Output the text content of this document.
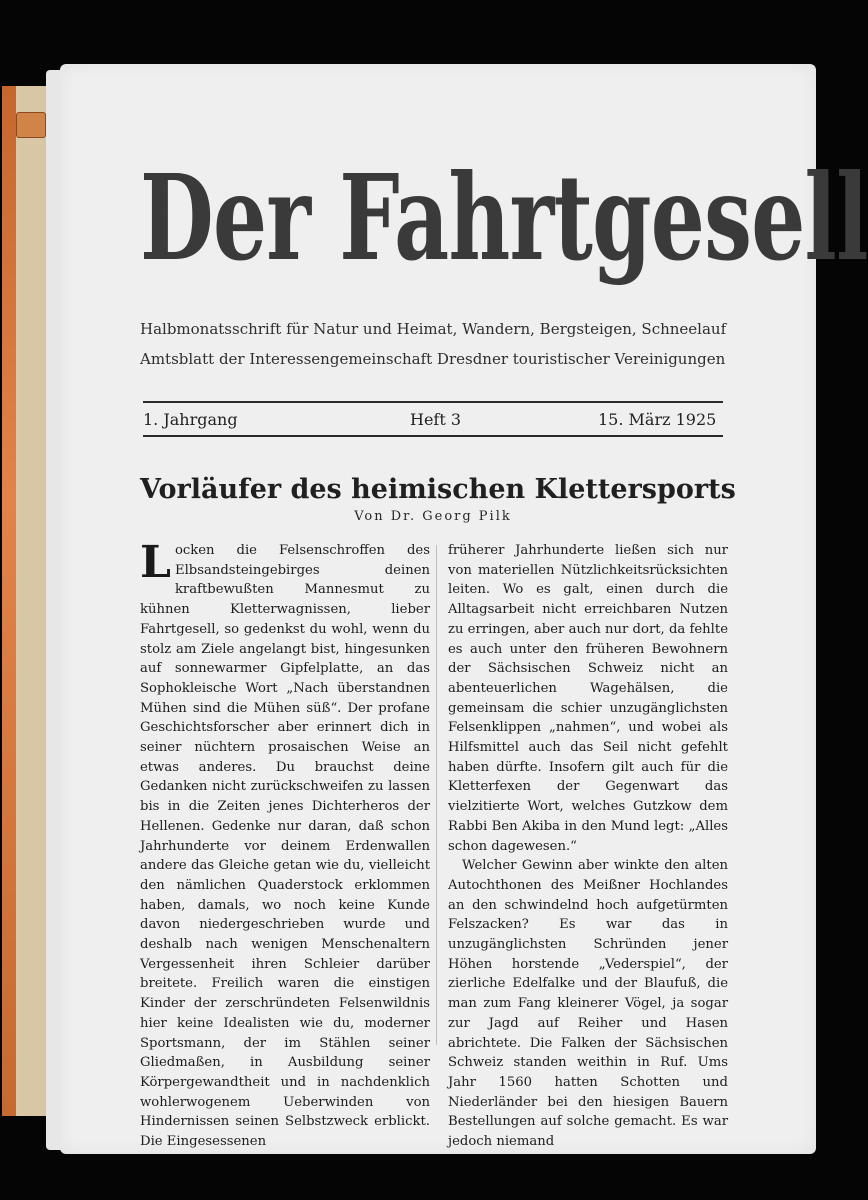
Der Fahrtgesell
Halbmonatsschrift für Natur und Heimat, Wandern, Bergsteigen, Schneelauf
Amtsblatt der Interessengemeinschaft Dresdner touristischer Vereinigungen
1. Jahrgang	Heft 3	15. März 1925
Vorläufer des heimischen Klettersports
Von Dr. Georg Pilk
L ocken die Felsenschroffen des Elbsandsteingebirges deinen kraftbewußten Mannesmut zu kühnen Kletterwagnissen, lieber Fahrtgesell, so gedenkst du wohl, wenn du stolz am Ziele angelangt bist, hingesunken auf sonnewarmer Gipfelplatte, an das Sophokleische Wort „Nach überstandnen Mühen sind die Mühen süß“. Der profane Geschichtsforscher aber erinnert dich in seiner nüchtern prosaischen Weise an etwas anderes. Du brauchst deine Gedanken nicht zurückschweifen zu lassen bis in die Zeiten jenes Dichterheros der Hellenen. Gedenke nur daran, daß schon Jahrhunderte vor deinem Erdenwallen andere das Gleiche getan wie du, vielleicht den nämlichen Quaderstock erklommen haben, damals, wo noch keine Kunde davon niedergeschrieben wurde und deshalb nach wenigen Menschenaltern Vergessenheit ihren Schleier darüber breitete. Freilich waren die einstigen Kinder der zerschründeten Felsenwildnis hier keine Idealisten wie du, moderner Sportsmann, der im Stählen seiner Gliedmaßen, in Ausbildung seiner Körpergewandtheit und in nachdenklich wohlerwogenem Ueberwinden von Hindernissen seinen Selbstzweck erblickt. Die Eingesessenen

früherer Jahrhunderte ließen sich nur von materiellen Nützlichkeitsrücksichten leiten. Wo es galt, einen durch die Alltagsarbeit nicht erreichbaren Nutzen zu erringen, aber auch nur dort, da fehlte es auch unter den früheren Bewohnern der Sächsischen Schweiz nicht an abenteuerlichen Wagehälsen, die gemeinsam die schier unzugänglichsten Felsenklippen „nahmen“, und wobei als Hilfsmittel auch das Seil nicht gefehlt haben dürfte. Insofern gilt auch für die Kletterfexen der Gegenwart das vielzitierte Wort, welches Gutzkow dem Rabbi Ben Akiba in den Mund legt: „Alles schon dagewesen.“

Welcher Gewinn aber winkte den alten Autochthonen des Meißner Hochlandes an den schwindelnd hoch aufgetürmten Felszacken? Es war das in unzugänglichsten Schründen jener Höhen horstende „Vederspiel“, der zierliche Edelfalke und der Blaufuß, die man zum Fang kleinerer Vögel, ja sogar zur Jagd auf Reiher und Hasen abrichtete. Die Falken der Sächsischen Schweiz standen weithin in Ruf. Ums Jahr 1560 hatten Schotten und Niederländer bei den hiesigen Bauern Bestellungen auf solche gemacht. Es war jedoch niemand
